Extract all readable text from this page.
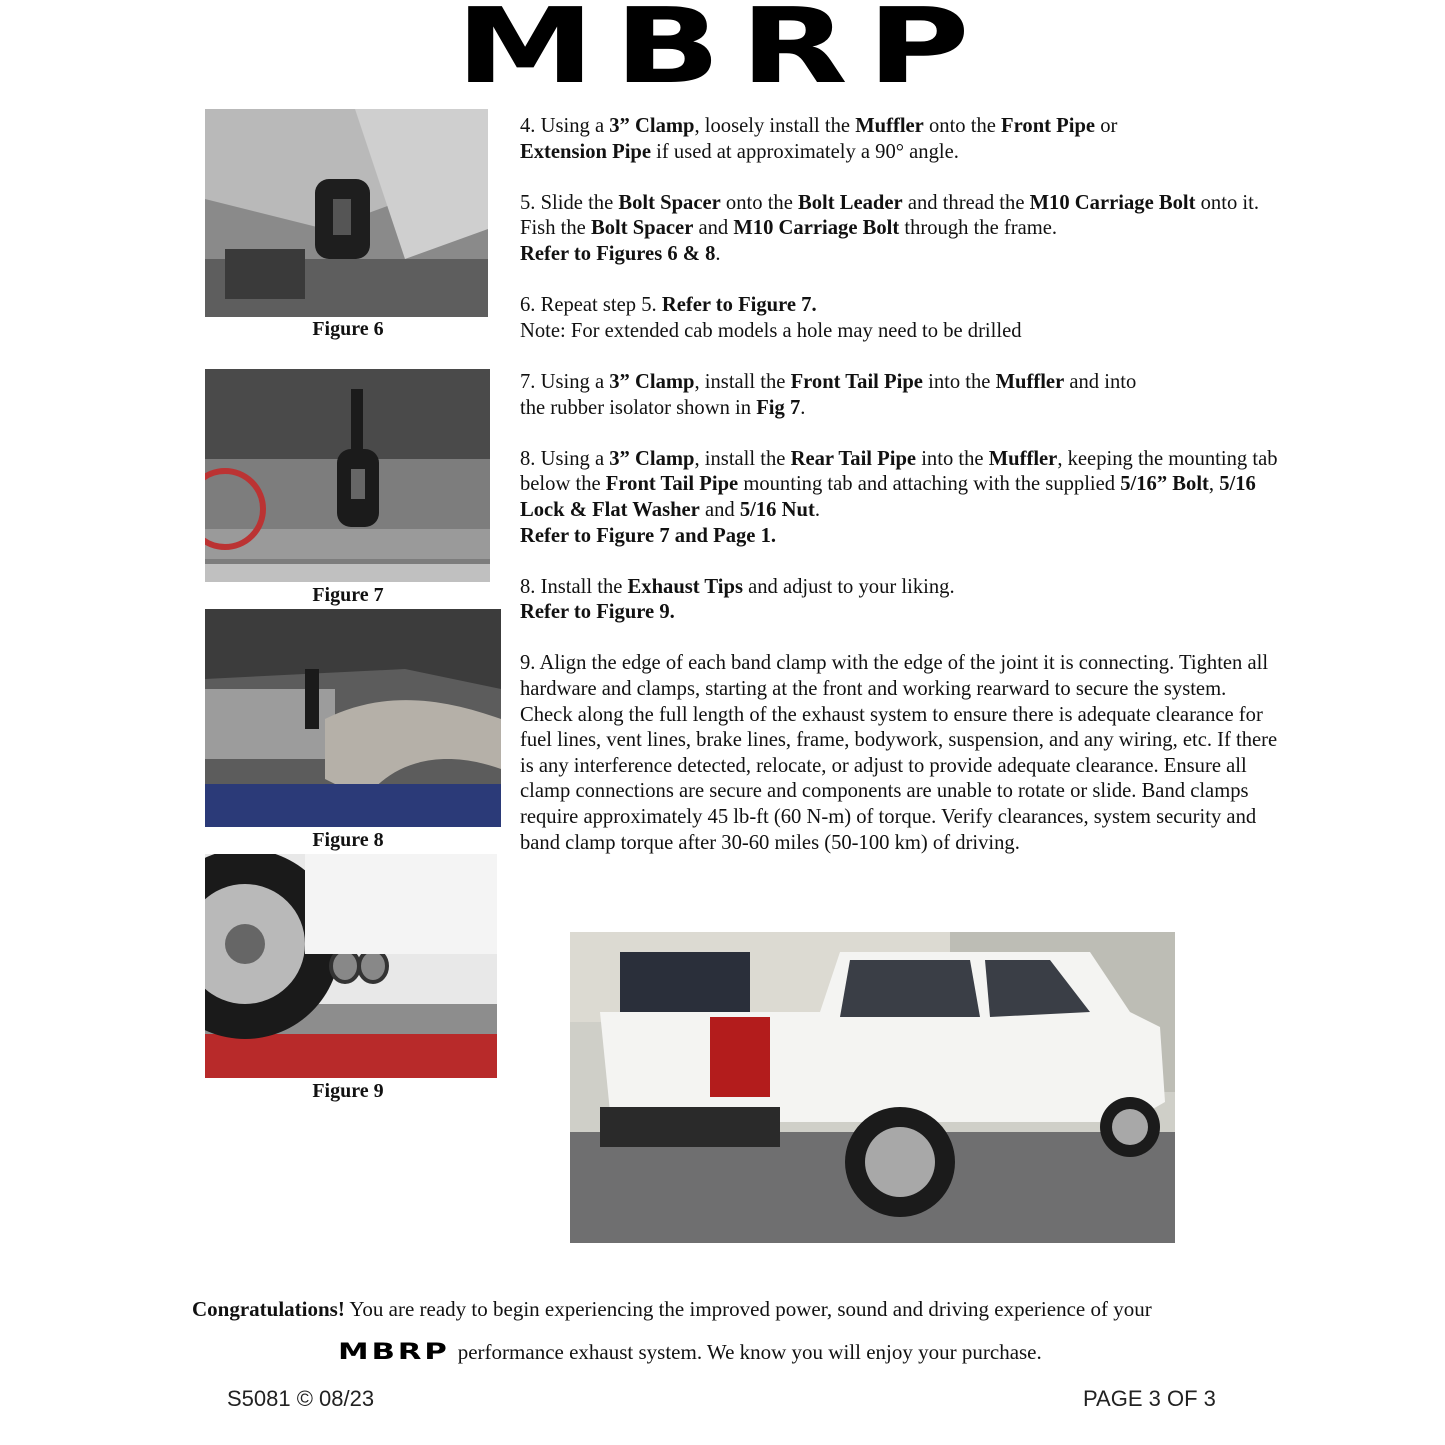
MBRP
Figure 6
Figure 7
Figure 8
Figure 9

4. Using a 3” Clamp, loosely install the Muffler onto the Front Pipe or
Extension Pipe if used at approximately a 90° angle.

5. Slide the Bolt Spacer onto the Bolt Leader and thread the M10 Carriage Bolt onto it. Fish the Bolt Spacer and M10 Carriage Bolt through the frame.
Refer to Figures 6 & 8.

6. Repeat step 5. Refer to Figure 7.
Note: For extended cab models a hole may need to be drilled

7. Using a 3” Clamp, install the Front Tail Pipe into the Muffler and into
the rubber isolator shown in Fig 7.

8. Using a 3” Clamp, install the Rear Tail Pipe into the Muffler, keeping the mounting tab below the Front Tail Pipe mounting tab and attaching with the supplied 5/16” Bolt, 5/16 Lock & Flat Washer and 5/16 Nut.
Refer to Figure 7 and Page 1.

8. Install the Exhaust Tips and adjust to your liking.
Refer to Figure 9.

9. Align the edge of each band clamp with the edge of the joint it is connecting. Tighten all hardware and clamps, starting at the front and working rearward to secure the system. Check along the full length of the exhaust system to ensure there is adequate clearance for fuel lines, vent lines, brake lines, frame, bodywork, suspension, and any wiring, etc. If there is any interference detected, relocate, or adjust to provide adequate clearance. Ensure all clamp connections are secure and components are unable to rotate or slide. Band clamps require approximately 45 lb-ft (60 N-m) of torque. Verify clearances, system security and band clamp torque after 30-60 miles (50-100 km) of driving.

Congratulations! You are ready to begin experiencing the improved power, sound and driving experience of your
MBRP performance exhaust system. We know you will enjoy your purchase.
S5081 © 08/23	PAGE 3 OF 3
